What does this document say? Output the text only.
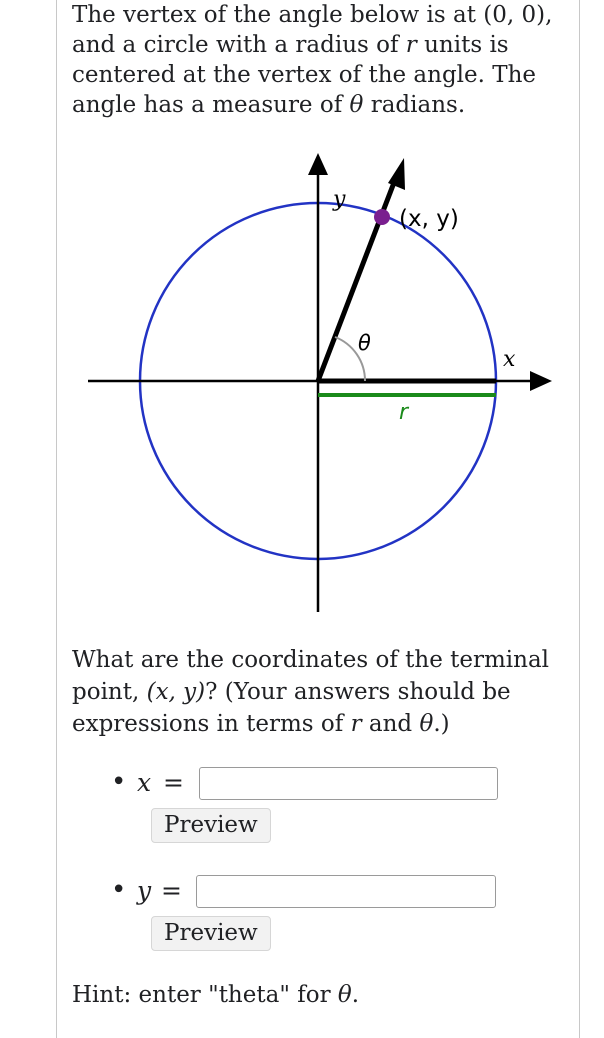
The vertex of the angle below is at (0, 0), and a circle with a radius of r units is centered at the vertex of the angle. The angle has a measure of θ radians.
y
x
(x, y)
θ
r
What are the coordinates of the terminal point, (x, y)? (Your answers should be expressions in terms of r and θ.)
• x =
Preview
• y =
Preview
Hint: enter "theta" for θ.
